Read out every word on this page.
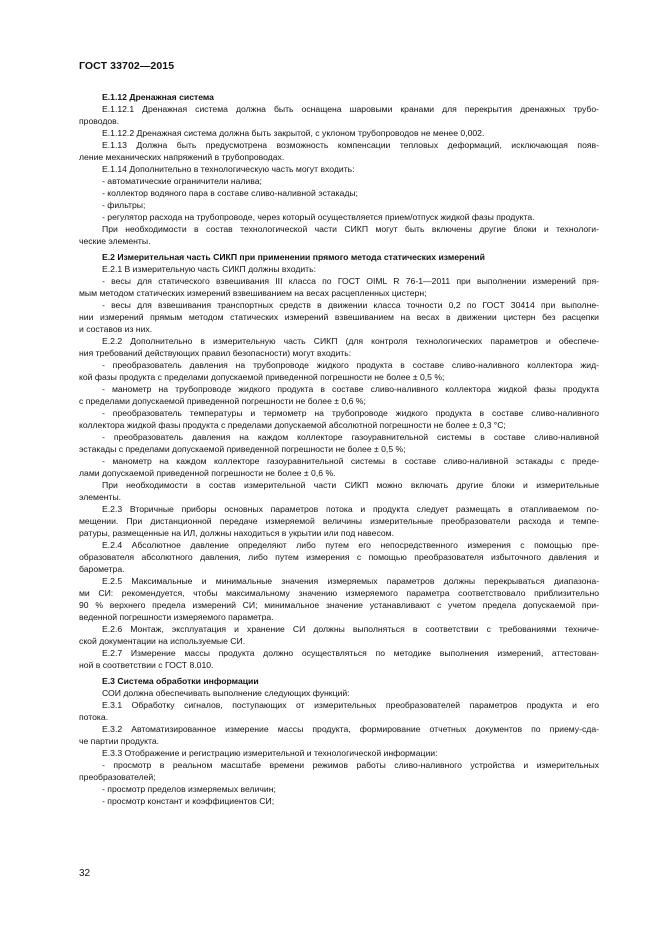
ГОСТ 33702—2015
Е.1.12 Дренажная система
Е.1.12.1 Дренажная система должна быть оснащена шаровыми кранами для перекрытия дренажных трубо-
проводов.
Е.1.12.2 Дренажная система должна быть закрытой, с уклоном трубопроводов не менее 0,002.
Е.1.13 Должна быть предусмотрена возможность компенсации тепловых деформаций, исключающая появ-
ление механических напряжений в трубопроводах.
Е.1.14 Дополнительно в технологическую часть могут входить:
- автоматические ограничители налива;
- коллектор водяного пара в составе сливо-наливной эстакады;
- фильтры;
- регулятор расхода на трубопроводе, через который осуществляется прием/отпуск жидкой фазы продукта.
При необходимости в состав технологической части СИКП могут быть включены другие блоки и технологи-
ческие элементы.
Е.2 Измерительная часть СИКП при применении прямого метода статических измерений
Е.2.1 В измерительную часть СИКП должны входить:
- весы для статического взвешивания III класса по ГОСТ OIML R 76-1—2011 при выполнении измерений пря-
мым методом статических измерений взвешиванием на весах расцепленных цистерн;
- весы для взвешивания транспортных средств в движении класса точности 0,2 по ГОСТ 30414 при выполне-
нии измерений прямым методом статических измерений взвешиванием на весах в движении цистерн без расцепки
и составов из них.
Е.2.2 Дополнительно в измерительную часть СИКП (для контроля технологических параметров и обеспече-
ния требований действующих правил безопасности) могут входить:
- преобразователь давления на трубопроводе жидкого продукта в составе сливо-наливного коллектора жид-
кой фазы продукта с пределами допускаемой приведенной погрешности не более ± 0,5 %;
- манометр на трубопроводе жидкого продукта в составе сливо-наливного коллектора жидкой фазы продукта
с пределами допускаемой приведенной погрешности не более ± 0,6 %;
- преобразователь температуры и термометр на трубопроводе жидкого продукта в составе сливо-наливного
коллектора жидкой фазы продукта с пределами допускаемой абсолютной погрешности не более ± 0,3 °С;
- преобразователь давления на каждом коллекторе газоуравнительной системы в составе сливо-наливной
эстакады с пределами допускаемой приведенной погрешности не более ± 0,5 %;
- манометр на каждом коллекторе газоуравнительной системы в составе сливо-наливной эстакады с преде-
лами допускаемой приведенной погрешности не более ± 0,6 %.
При необходимости в состав измерительной части СИКП можно включать другие блоки и измерительные
элементы.
Е.2.3 Вторичные приборы основных параметров потока и продукта следует размещать в отапливаемом по-
мещении. При дистанционной передаче измеряемой величины измерительные преобразователи расхода и темпе-
ратуры, размещенные на ИЛ, должны находиться в укрытии или под навесом.
Е.2.4 Абсолютное давление определяют либо путем его непосредственного измерения с помощью пре-
образователя абсолютного давления, либо путем измерения с помощью преобразователя избыточного давления и
барометра.
Е.2.5 Максимальные и минимальные значения измеряемых параметров должны перекрываться диапазона-
ми СИ: рекомендуется, чтобы максимальному значению измеряемого параметра соответствовало приблизительно
90 % верхнего предела измерений СИ; минимальное значение устанавливают с учетом предела допускаемой при-
веденной погрешности измеряемого параметра.
Е.2.6 Монтаж, эксплуатация и хранение СИ должны выполняться в соответствии с требованиями техниче-
ской документации на используемые СИ.
Е.2.7 Измерение массы продукта должно осуществляться по методике выполнения измерений, аттестован-
ной в соответствии с ГОСТ 8.010.
Е.3 Система обработки информации
СОИ должна обеспечивать выполнение следующих функций:
Е.3.1 Обработку сигналов, поступающих от измерительных преобразователей параметров продукта и его
потока.
Е.3.2 Автоматизированное измерение массы продукта, формирование отчетных документов по приему-сда-
че партии продукта.
Е.3.3 Отображение и регистрацию измерительной и технологической информации:
- просмотр в реальном масштабе времени режимов работы сливо-наливного устройства и измерительных
преобразователей;
- просмотр пределов измеряемых величин;
- просмотр констант и коэффициентов СИ;
32
